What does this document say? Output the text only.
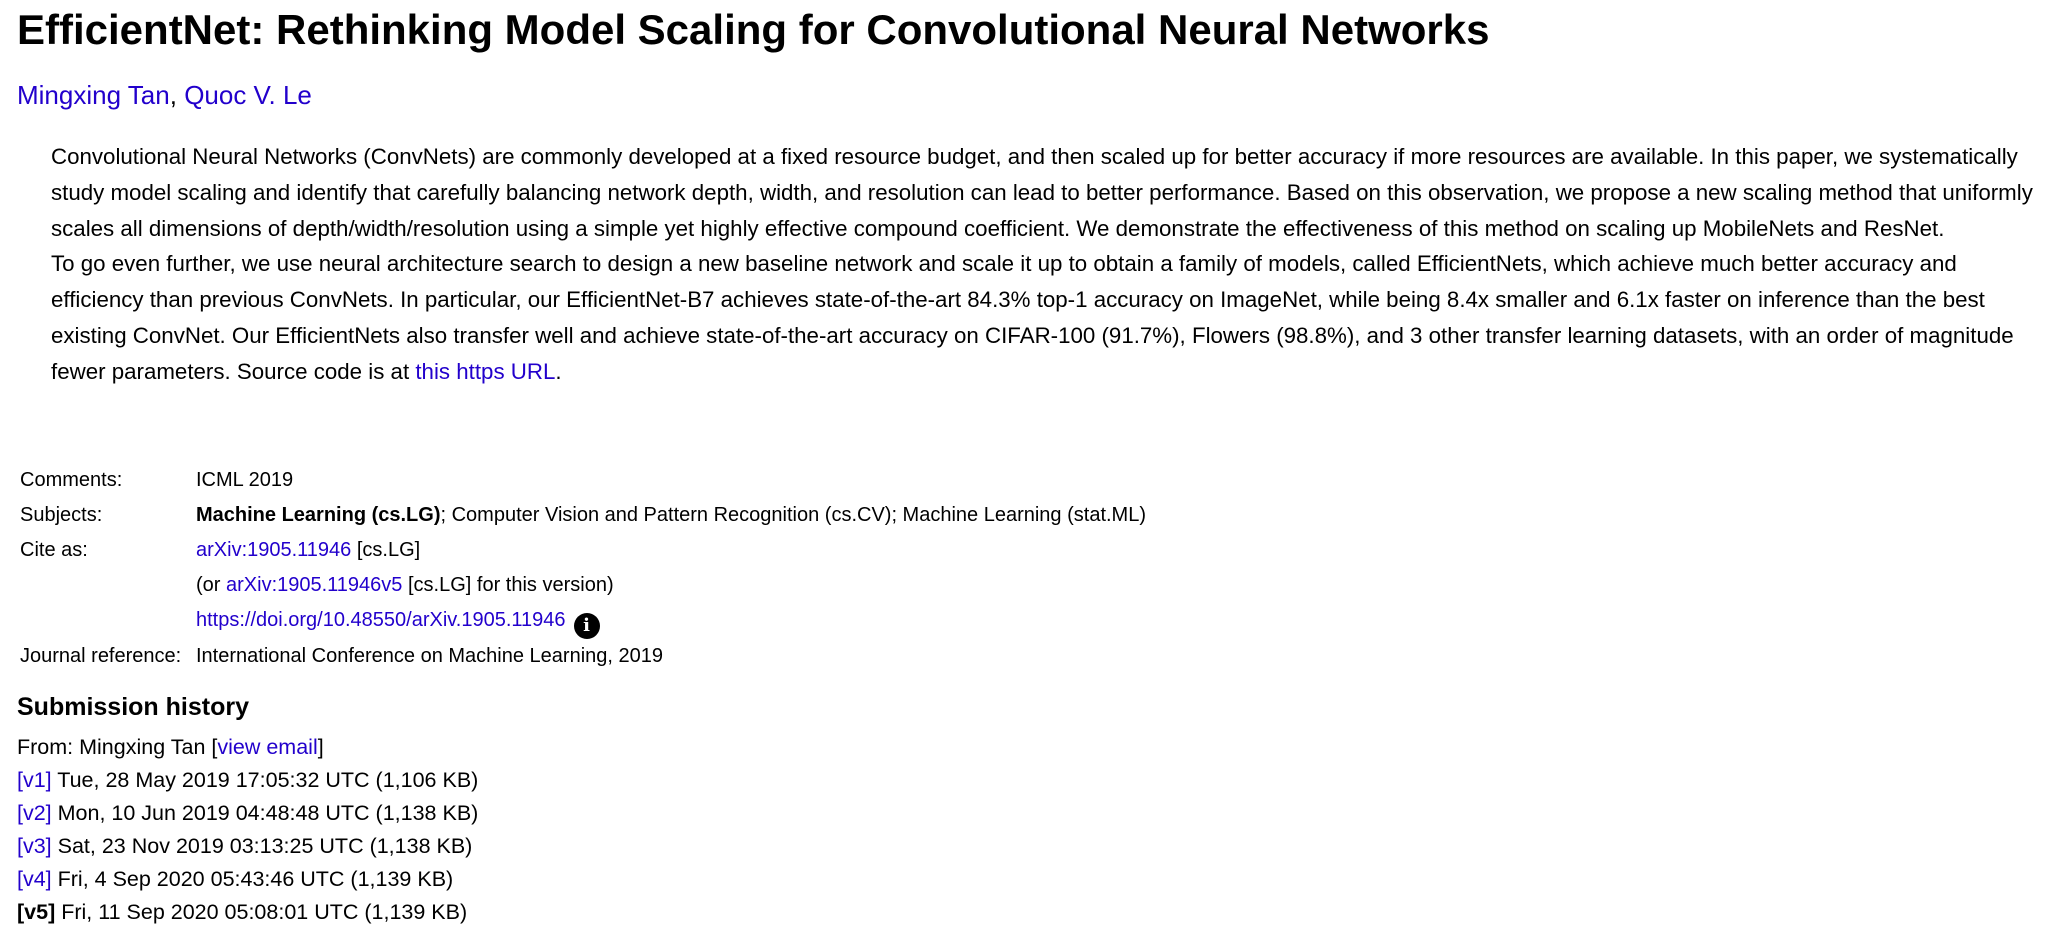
EfficientNet: Rethinking Model Scaling for Convolutional Neural Networks
Mingxing Tan, Quoc V. Le

Convolutional Neural Networks (ConvNets) are commonly developed at a fixed resource budget, and then scaled up for better accuracy if more resources are available. In this paper, we systematically study model scaling and identify that carefully balancing network depth, width, and resolution can lead to better performance. Based on this observation, we propose a new scaling method that uniformly scales all dimensions of depth/width/resolution using a simple yet highly effective compound coefficient. We demonstrate the effectiveness of this method on scaling up MobileNets and ResNet.

To go even further, we use neural architecture search to design a new baseline network and scale it up to obtain a family of models, called EfficientNets, which achieve much better accuracy and efficiency than previous ConvNets. In particular, our EfficientNet-B7 achieves state-of-the-art 84.3% top-1 accuracy on ImageNet, while being 8.4x smaller and 6.1x faster on inference than the best existing ConvNet. Our EfficientNets also transfer well and achieve state-of-the-art accuracy on CIFAR-100 (91.7%), Flowers (98.8%), and 3 other transfer learning datasets, with an order of magnitude fewer parameters. Source code is at this https URL.

Comments:	ICML 2019
Subjects:	Machine Learning (cs.LG); Computer Vision and Pattern Recognition (cs.CV); Machine Learning (stat.ML)
Cite as:	arXiv:1905.11946 [cs.LG]
	(or arXiv:1905.11946v5 [cs.LG] for this version)
	https://doi.org/10.48550/arXiv.1905.11946 i
Journal reference:	International Conference on Machine Learning, 2019
Submission history
From: Mingxing Tan [view email]
[v1] Tue, 28 May 2019 17:05:32 UTC (1,106 KB)
[v2] Mon, 10 Jun 2019 04:48:48 UTC (1,138 KB)
[v3] Sat, 23 Nov 2019 03:13:25 UTC (1,138 KB)
[v4] Fri, 4 Sep 2020 05:43:46 UTC (1,139 KB)
[v5] Fri, 11 Sep 2020 05:08:01 UTC (1,139 KB)
